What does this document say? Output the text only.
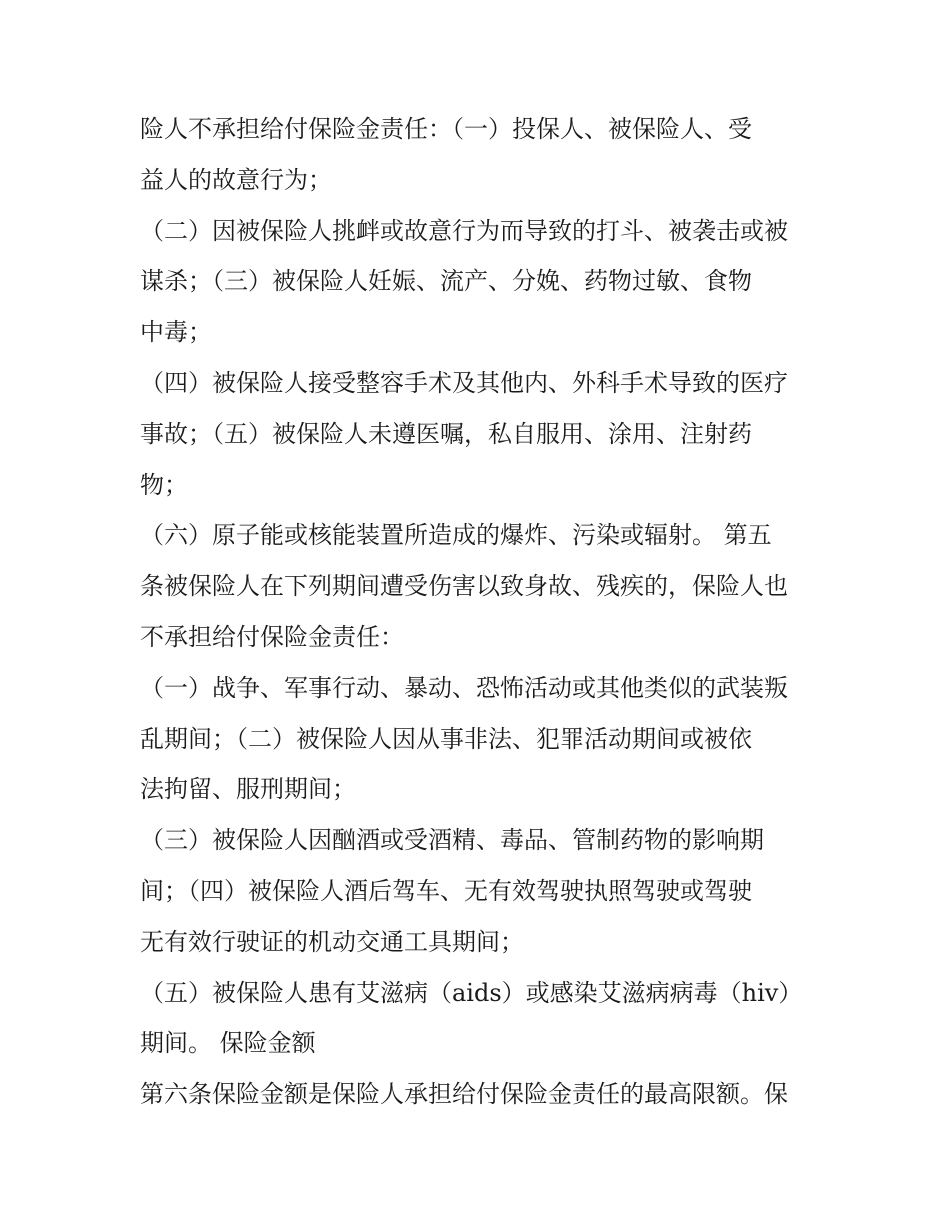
险人不承担给付保险金责任：（一）投保人、被保险人、受
益人的故意行为；
（二）因被保险人挑衅或故意行为而导致的打斗、被袭击或被
谋杀；（三）被保险人妊娠、流产、分娩、药物过敏、食物
中毒；
（四）被保险人接受整容手术及其他内、外科手术导致的医疗
事故；（五）被保险人未遵医嘱，私自服用、涂用、注射药
物；
（六）原子能或核能装置所造成的爆炸、污染或辐射。 第五
条被保险人在下列期间遭受伤害以致身故、残疾的，保险人也
不承担给付保险金责任：
（一）战争、军事行动、暴动、恐怖活动或其他类似的武装叛
乱期间；（二）被保险人因从事非法、犯罪活动期间或被依
法拘留、服刑期间；
（三）被保险人因酗酒或受酒精、毒品、管制药物的影响期
间；（四）被保险人酒后驾车、无有效驾驶执照驾驶或驾驶
无有效行驶证的机动交通工具期间；
（五）被保险人患有艾滋病（aids）或感染艾滋病病毒（hiv）
期间。 保险金额
第六条保险金额是保险人承担给付保险金责任的最高限额。保
